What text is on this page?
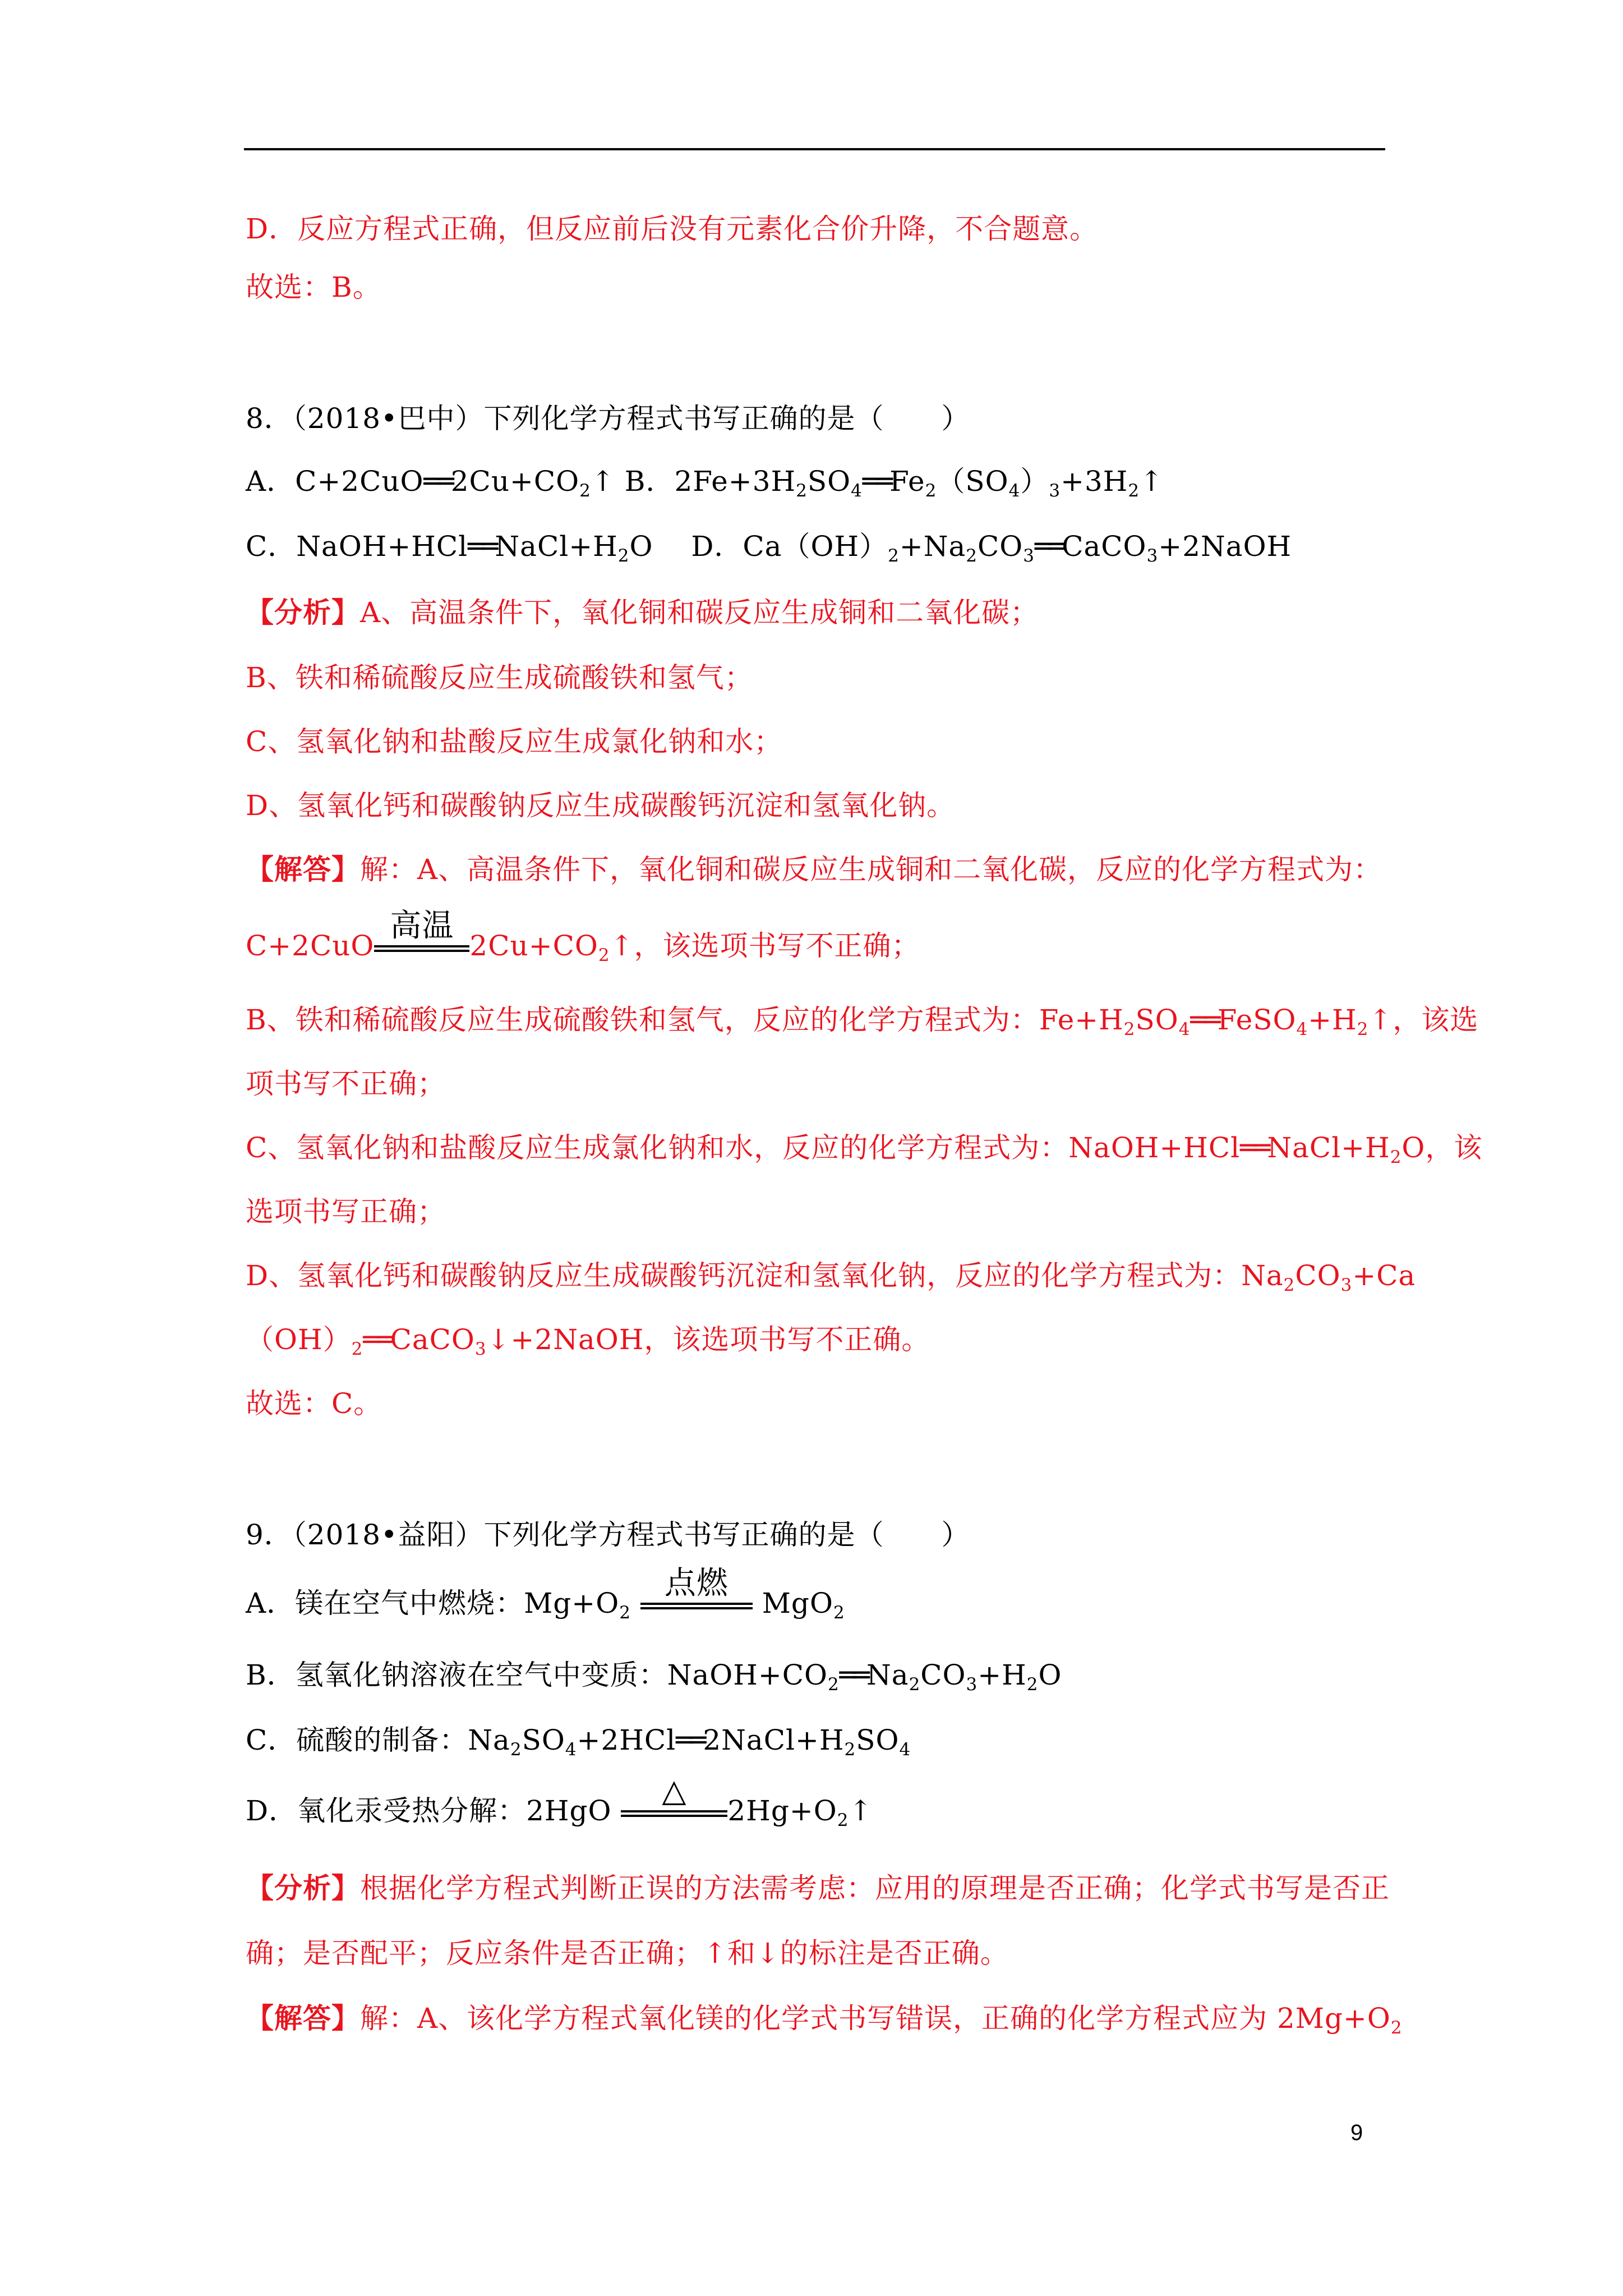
D．反应方程式正确，但反应前后没有元素化合价升降，不合题意。
故选：B。
8．（2018•巴中）下列化学方程式书写正确的是（　　）
A．$C+2CuO══2Cu+CO_2↑$ B．$2Fe+3H_2SO_4══Fe_2(SO_4)_3+3H_2↑$
C．$NaOH+HCl══NaCl+H_2O$　 D．$Ca(OH)_2+Na_2CO_3══CaCO_3+2NaOH$
【分析】A、高温条件下，氧化铜和碳反应生成铜和二氧化碳；
B、铁和稀硫酸反应生成硫酸铁和氢气；
C、氢氧化钠和盐酸反应生成氯化钠和水；
D、氢氧化钙和碳酸钠反应生成碳酸钙沉淀和氢氧化钠。
【解答】解：A、高温条件下，氧化铜和碳反应生成铜和二氧化碳，反应的化学方程式为：
C+2CuO
高温
$2Cu+CO_2↑$，该选项书写不正确；
B、铁和稀硫酸反应生成硫酸铁和氢气，反应的化学方程式为：$Fe+H_2SO_4══FeSO_4+H_2↑$，该选
项书写不正确；
C、氢氧化钠和盐酸反应生成氯化钠和水，反应的化学方程式为：$NaOH+HCl══NaCl+H_2O$，该
选项书写正确；
D、氢氧化钙和碳酸钠反应生成碳酸钙沉淀和氢氧化钠，反应的化学方程式为：$Na_2CO_3+Ca$
$(OH)_2══CaCO_3↓+2NaOH$，该选项书写不正确。
故选：C。
9．（2018•益阳）下列化学方程式书写正确的是（　　）
A．镁在空气中燃烧：$Mg+O_2$
点燃
MgO$_2$
B．氢氧化钠溶液在空气中变质：$NaOH+CO_2══Na_2CO_3+H_2O$
C．硫酸的制备：$Na_2SO_4+2HCl══2NaCl+H_2SO_4$
D．氧化汞受热分解：2HgO
△
$2Hg+O_2↑$
【分析】根据化学方程式判断正误的方法需考虑：应用的原理是否正确；化学式书写是否正
确；是否配平；反应条件是否正确；↑和↓的标注是否正确。
【解答】解：A、该化学方程式氧化镁的化学式书写错误，正确的化学方程式应为 $2Mg+O_2$
9
